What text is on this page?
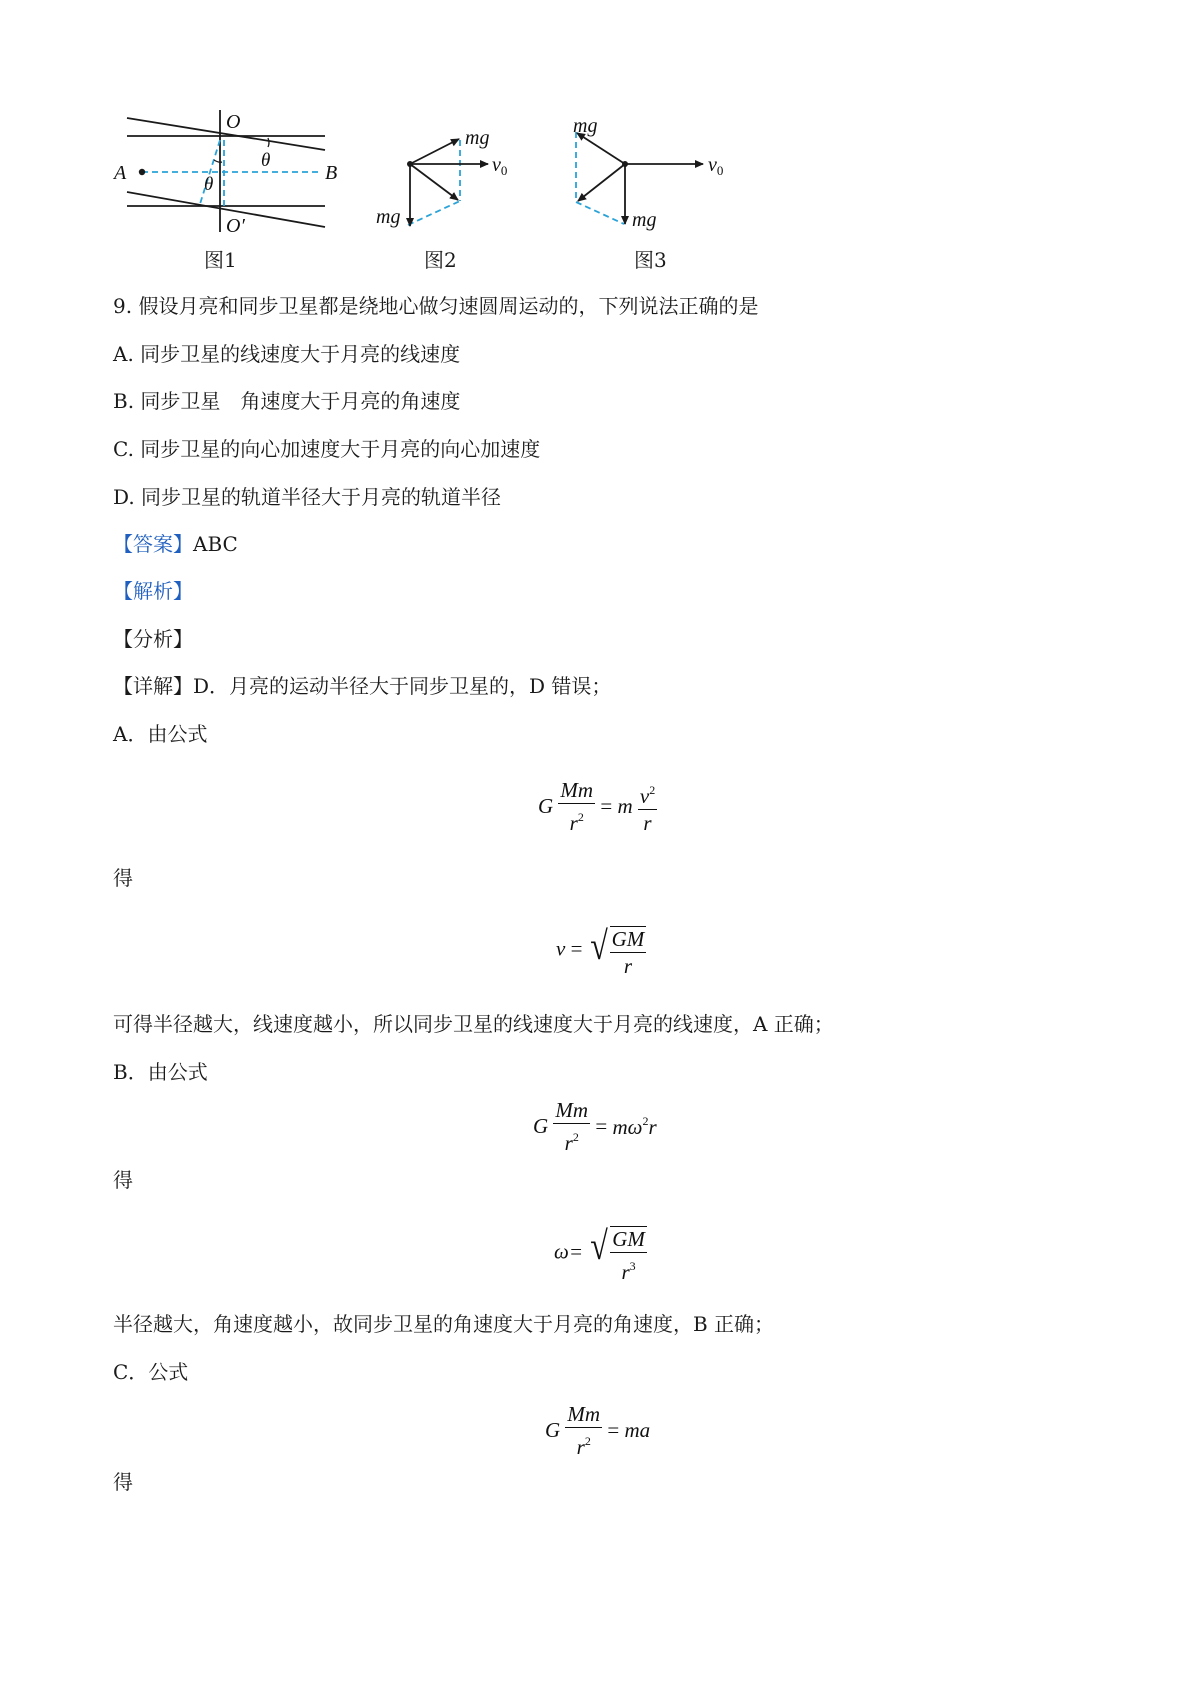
O
O′
A	B
θ
θ
mg
$v_0$
mg
mg
$v_0$
mg
图1	图2	图3
9. 假设月亮和同步卫星都是绕地心做匀速圆周运动的，下列说法正确的是
A. 同步卫星的线速度大于月亮的线速度
B. 同步卫星　角速度大于月亮的角速度
C. 同步卫星的向心加速度大于月亮的向心加速度
D. 同步卫星的轨道半径大于月亮的轨道半径
【答案】ABC
【解析】
【分析】
【详解】D．月亮的运动半径大于同步卫星的，D 错误；
A．由公式
G $\frac{Mm}{r^2} = m \frac{v^2}{r}$
得
v = √ $\frac{GM}{r}$
可得半径越大，线速度越小，所以同步卫星的线速度大于月亮的线速度，A 正确；
B．由公式
G $\frac{Mm}{r^2} = m\omega^2r$
得
ω= √ $\frac{GM}{r^3}$
半径越大，角速度越小，故同步卫星的角速度大于月亮的角速度，B 正确；
C．公式
G $\frac{Mm}{r^2}$ = ma
得
